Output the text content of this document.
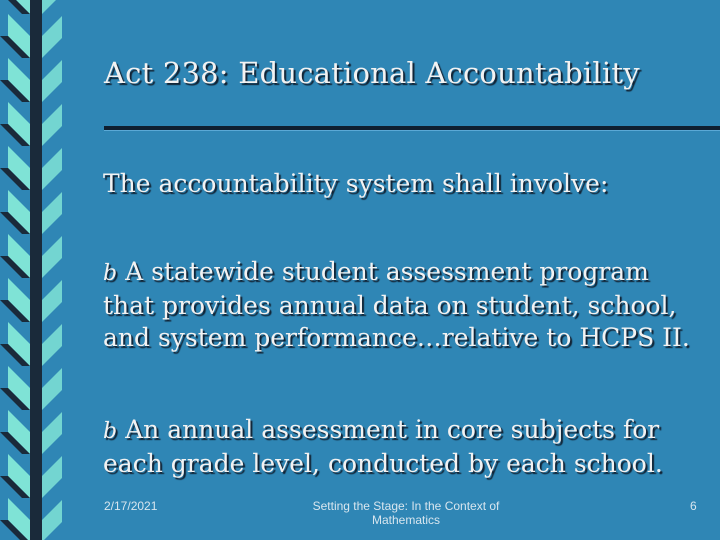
Act 238: Educational Accountability

The accountability system shall involve:

b A statewide student assessment program that provides annual data on student, school, and system performance…relative to HCPS II.

b An annual assessment in core subjects for each grade level, conducted by each school.

2/17/2021	Setting the Stage: In the Context of Mathematics
6
